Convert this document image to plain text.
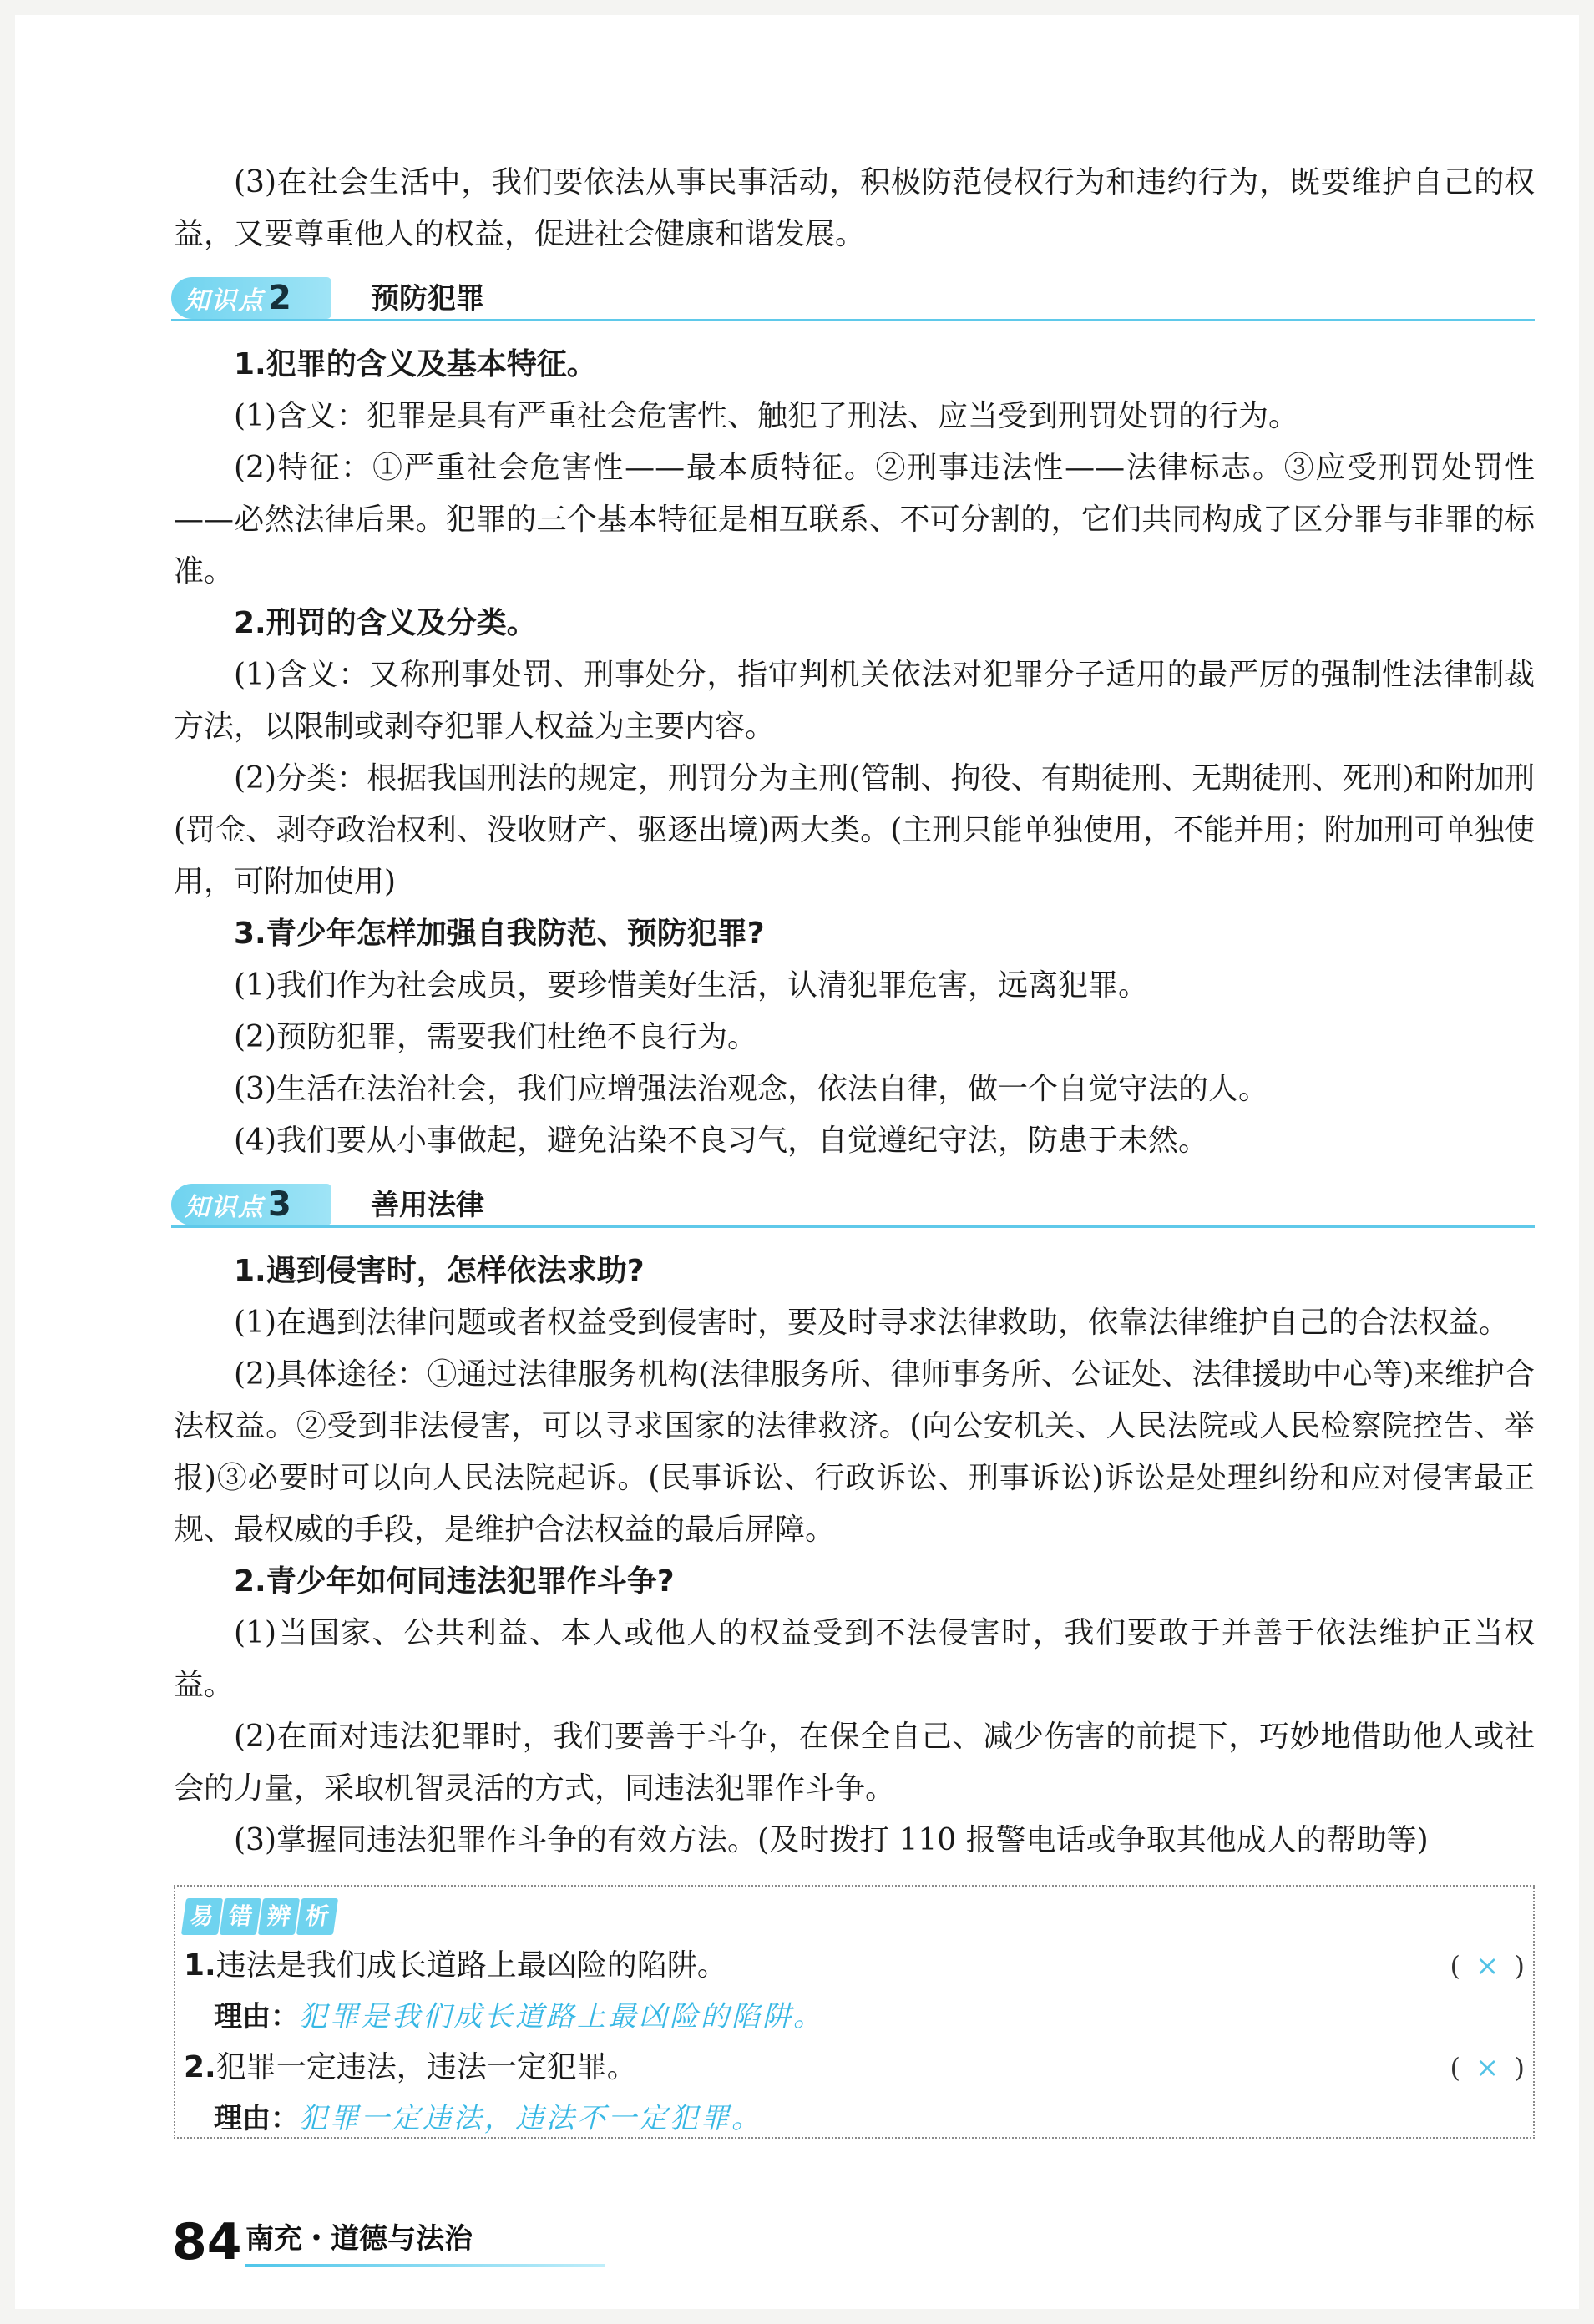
(3)在社会生活中，我们要依法从事民事活动，积极防范侵权行为和违约行为，既要维护自己的权益，又要尊重他人的权益，促进社会健康和谐发展。

知识点 2	预防犯罪

1.犯罪的含义及基本特征。

(1)含义：犯罪是具有严重社会危害性、触犯了刑法、应当受到刑罚处罚的行为。

(2)特征：①严重社会危害性——最本质特征。②刑事违法性——法律标志。③应受刑罚处罚性——必然法律后果。犯罪的三个基本特征是相互联系、不可分割的，它们共同构成了区分罪与非罪的标准。

2.刑罚的含义及分类。

(1)含义：又称刑事处罚、刑事处分，指审判机关依法对犯罪分子适用的最严厉的强制性法律制裁方法，以限制或剥夺犯罪人权益为主要内容。

(2)分类：根据我国刑法的规定，刑罚分为主刑(管制、拘役、有期徒刑、无期徒刑、死刑)和附加刑(罚金、剥夺政治权利、没收财产、驱逐出境)两大类。(主刑只能单独使用，不能并用；附加刑可单独使用，可附加使用)

3.青少年怎样加强自我防范、预防犯罪?

(1)我们作为社会成员，要珍惜美好生活，认清犯罪危害，远离犯罪。

(2)预防犯罪，需要我们杜绝不良行为。

(3)生活在法治社会，我们应增强法治观念，依法自律，做一个自觉守法的人。

(4)我们要从小事做起，避免沾染不良习气，自觉遵纪守法，防患于未然。

知识点 3	善用法律

1.遇到侵害时，怎样依法求助?

(1)在遇到法律问题或者权益受到侵害时，要及时寻求法律救助，依靠法律维护自己的合法权益。

(2)具体途径：①通过法律服务机构(法律服务所、律师事务所、公证处、法律援助中心等)来维护合法权益。②受到非法侵害，可以寻求国家的法律救济。(向公安机关、人民法院或人民检察院控告、举报)③必要时可以向人民法院起诉。(民事诉讼、行政诉讼、刑事诉讼)诉讼是处理纠纷和应对侵害最正规、最权威的手段，是维护合法权益的最后屏障。

2.青少年如何同违法犯罪作斗争?

(1)当国家、公共利益、本人或他人的权益受到不法侵害时，我们要敢于并善于依法维护正当权益。

(2)在面对违法犯罪时，我们要善于斗争，在保全自己、减少伤害的前提下，巧妙地借助他人或社会的力量，采取机智灵活的方式，同违法犯罪作斗争。

(3)掌握同违法犯罪作斗争的有效方法。(及时拨打 110 报警电话或争取其他成人的帮助等)

易 错 辨 析
1.违法是我们成长道路上最凶险的陷阱。	( × )

理由：犯罪是我们成长道路上最凶险的陷阱。

2.犯罪一定违法，违法一定犯罪。	( × )

理由：犯罪一定违法，违法不一定犯罪。

84 南充・道德与法治
